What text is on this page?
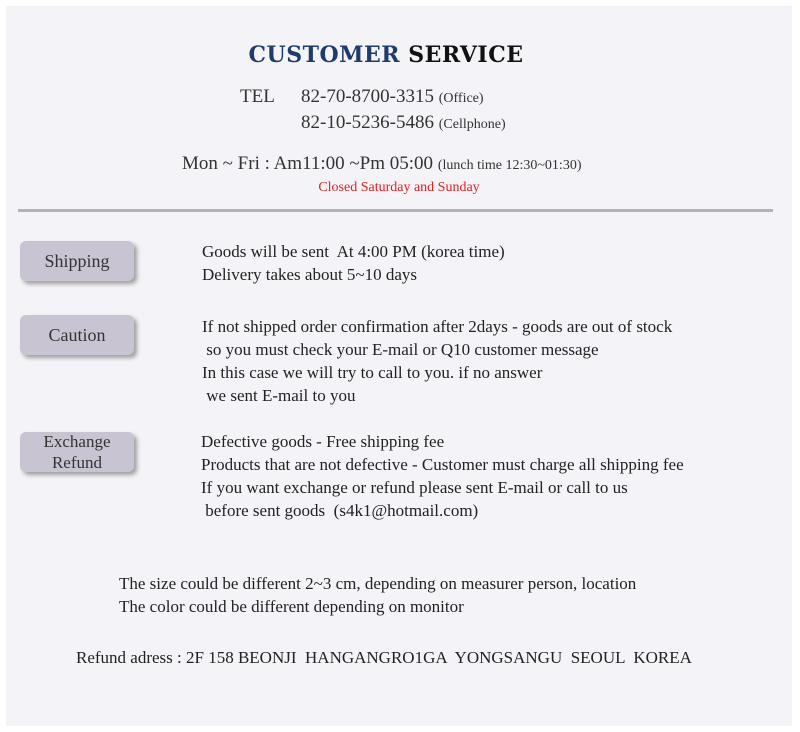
CUSTOMER SERVICE
TEL 82-70-8700-3315 (Office)
82-10-5236-5486 (Cellphone)
Mon ~ Fri : Am11:00 ~Pm 05:00 (lunch time 12:30~01:30)
Closed Saturday and Sunday
Shipping	Goods will be sent  At 4:00 PM (korea time)
Delivery takes about 5~10 days
Caution	If not shipped order confirmation after 2days - goods are out of stock
so you must check your E-mail or Q10 customer message
In this case we will try to call to you. if no answer
we sent E-mail to you
Exchange
Refund
Defective goods - Free shipping fee
Products that are not defective - Customer must charge all shipping fee
If you want exchange or refund please sent E-mail or call to us
before sent goods  (s4k1@hotmail.com)
The size could be different 2~3 cm, depending on measurer person, location
The color could be different depending on monitor
Refund adress : 2F 158 BEONJI  HANGANGRO1GA  YONGSANGU  SEOUL  KOREA
